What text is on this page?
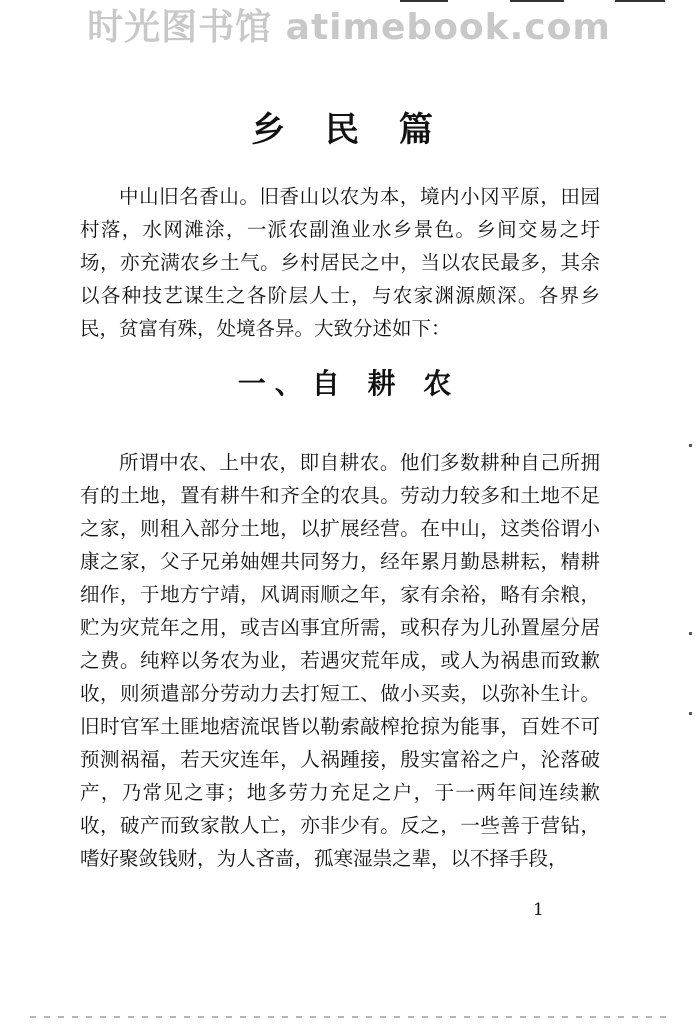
时光图书馆 atimebook.com
乡 民 篇

中山旧名香山。旧香山以农为本，境内小冈平原，田园村落，水网滩涂，一派农副渔业水乡景色。乡间交易之圩场，亦充满农乡土气。乡村居民之中，当以农民最多，其余以各种技艺谋生之各阶层人士，与农家渊源颇深。各界乡民，贫富有殊，处境各异。大致分述如下：

一、自 耕 农

所谓中农、上中农，即自耕农。他们多数耕种自己所拥有的土地，置有耕牛和齐全的农具。劳动力较多和土地不足之家，则租入部分土地，以扩展经营。在中山，这类俗谓小康之家，父子兄弟妯娌共同努力，经年累月勤恳耕耘，精耕细作，于地方宁靖，风调雨顺之年，家有余裕，略有余粮，贮为灾荒年之用，或吉凶事宜所需，或积存为儿孙置屋分居之费。纯粹以务农为业，若遇灾荒年成，或人为祸患而致歉收，则须遣部分劳动力去打短工、做小买卖，以弥补生计。旧时官军土匪地痞流氓皆以勒索敲榨抢掠为能事，百姓不可预测祸福，若天灾连年，人祸踵接，殷实富裕之户，沦落破产，乃常见之事；地多劳力充足之户，于一两年间连续歉收，破产而致家散人亡，亦非少有。反之，一些善于营钻，嗜好聚敛钱财，为人吝啬，孤寒湿祟之辈，以不择手段，

1
